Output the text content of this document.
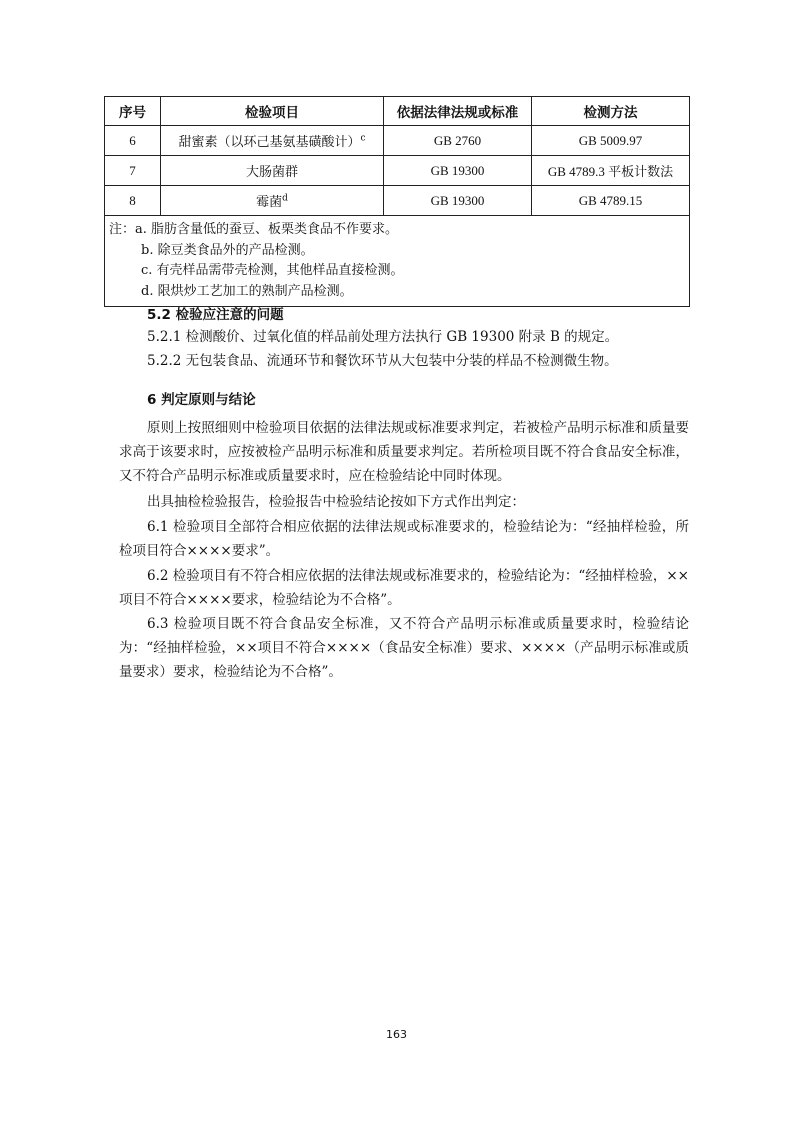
序号	检验项目	依据法律法规或标准	检测方法
6	甜蜜素（以环己基氨基磺酸计）$^c$	GB 2760	GB 5009.97
7	大肠菌群	GB 19300	GB 4789.3 平板计数法
8	霉菌$^d$	GB 19300	GB 4789.15

注：a. 脂肪含量低的蚕豆、板栗类食品不作要求。
b. 除豆类食品外的产品检测。
c. 有壳样品需带壳检测，其他样品直接检测。
d. 限烘炒工艺加工的熟制产品检测。			
5.2 检验应注意的问题
5.2.1 检测酸价、过氧化值的样品前处理方法执行 GB 19300 附录 B 的规定。
5.2.2 无包装食品、流通环节和餐饮环节从大包装中分装的样品不检测微生物。
6 判定原则与结论
原则上按照细则中检验项目依据的法律法规或标准要求判定，若被检产品明示标准和质量要求高于该要求时，应按被检产品明示标准和质量要求判定。若所检项目既不符合食品安全标准，又不符合产品明示标准或质量要求时，应在检验结论中同时体现。
出具抽检检验报告，检验报告中检验结论按如下方式作出判定：
6.1 检验项目全部符合相应依据的法律法规或标准要求的，检验结论为：“经抽样检验，所检项目符合××××要求”。
6.2 检验项目有不符合相应依据的法律法规或标准要求的，检验结论为：“经抽样检验，××项目不符合××××要求，检验结论为不合格”。
6.3 检验项目既不符合食品安全标准，又不符合产品明示标准或质量要求时，检验结论为：“经抽样检验，××项目不符合××××（食品安全标准）要求、××××（产品明示标准或质量要求）要求，检验结论为不合格”。
163
